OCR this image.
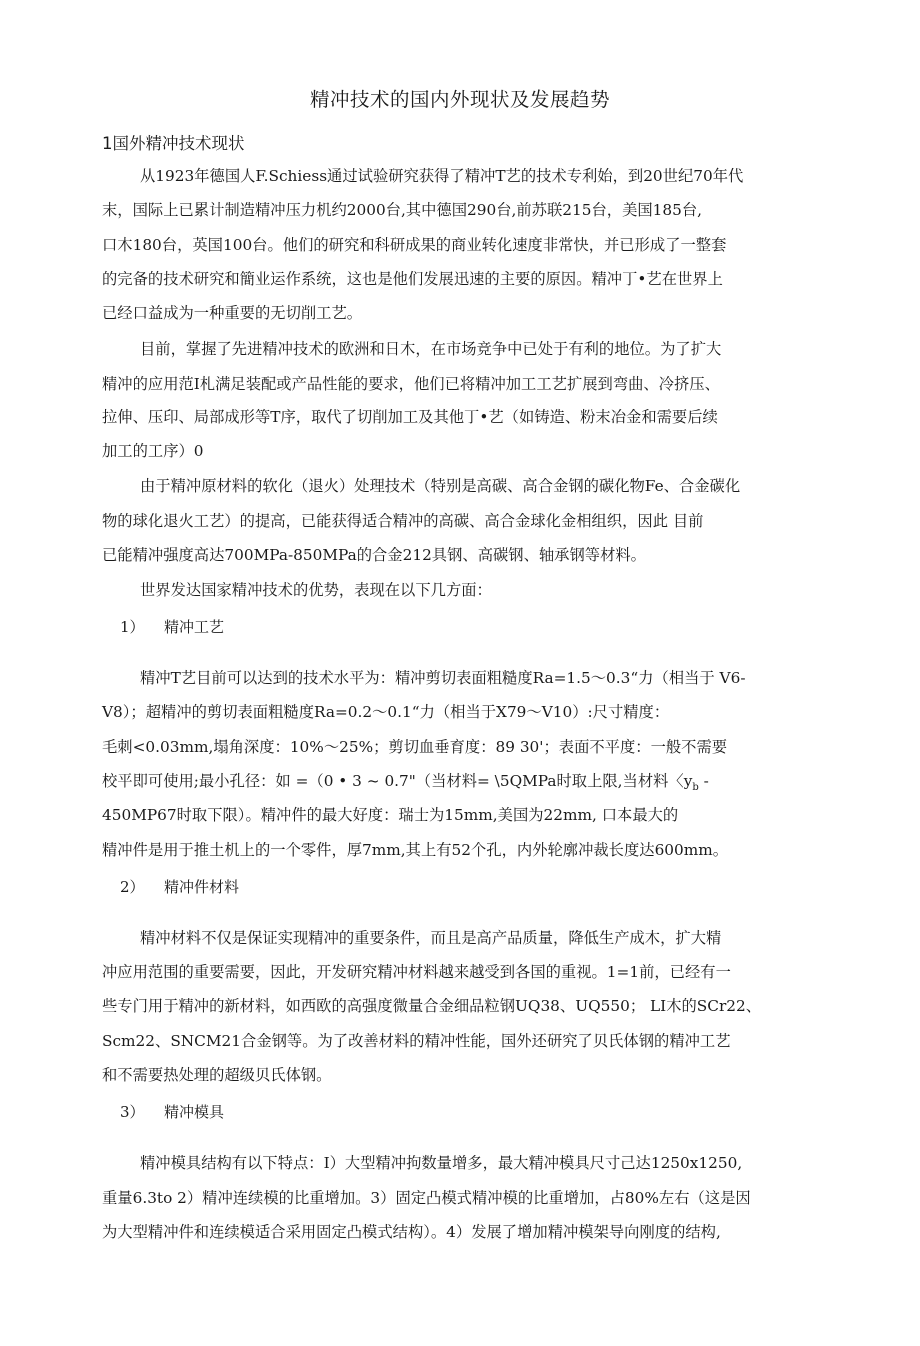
精冲技术的国内外现状及发展趋势
1国外精冲技术现状
从1923年德国人F.Schiess通过试验研究获得了精冲T艺的技术专利始，到20世纪70年代
末，国际上已累计制造精冲压力机约2000台,其中德国290台,前苏联215台，美国185台,
口木180台，英国100台。他们的研究和科研成果的商业转化速度非常快，并已形成了一整套
的完备的技术研究和簡业运作系统，这也是他们发展迅速的主要的原因。精冲丁•艺在世界上
已经口益成为一种重要的无切削工艺。
目前，掌握了先进精冲技术的欧洲和日木，在市场竞争中已处于有利的地位。为了扩大
精冲的应用范I札满足装配或产品性能的要求，他们已将精冲加工工艺扩展到弯曲、冷挤压、
拉伸、压印、局部成形等T序，取代了切削加工及其他丁•艺（如铸造、粉末冶金和需要后续
加工的工序）0
由于精冲原材料的软化（退火）处理技术（特别是高碳、高合金钢的碳化物Fe、合金碳化
物的球化退火工艺）的提高，已能获得适合精冲的高碳、高合金球化金相组织，因此 目前
已能精冲强度高达700MPa-850MPa的合金212具钢、高碳钢、轴承钢等材料。
世界发达国家精冲技术的优势，表现在以下几方面：
1） 精冲工艺
精冲T艺目前可以达到的技术水平为：精冲剪切表面粗糙度Ra=1.5～0.3“力（相当于 V6-
V8）；超精冲的剪切表面粗糙度Ra=0.2～0.1“力（相当于X79～V10）:尺寸精度：
毛刺<0.03mm,塌角深度：10%～25%；剪切血垂育度：89 30'；表面不平度：一般不需要
校平即可使用;最小孔径：如 =（0 • 3 ~ 0.7"（当材料= \5QMPa时取上限,当材料〈$y_b$ -
450MP67时取下限）。精冲件的最大好度：瑞士为15mm,美国为22mm, 口本最大的
精冲件是用于推土机上的一个零件，厚7mm,其上有52个孔，内外轮廓冲裁长度达600mm。
2） 精冲件材料
精冲材料不仅是保证实现精冲的重要条件，而且是高产品质量，降低生产成木，扩大精
冲应用范围的重要需要，因此，开发研究精冲材料越来越受到各国的重视。1=1前，已经有一
些专门用于精冲的新材料，如西欧的高强度微量合金细品粒钢UQ38、UQ550； LI木的SCr22、
Scm22、SNCM21合金钢等。为了改善材料的精冲性能，国外还研究了贝氏体钢的精冲工艺
和不需要热处理的超级贝氏体钢。
3） 精冲模具
精冲模具结构有以下特点：I）大型精冲拘数量增多，最大精冲模具尺寸己达1250x1250,
重量6.3to 2）精冲连续模的比重增加。3）固定凸模式精冲模的比重增加，占80%左右（这是因
为大型精冲件和连续模适合采用固定凸模式结构）。4）发展了增加精冲模架导向刚度的结构,
